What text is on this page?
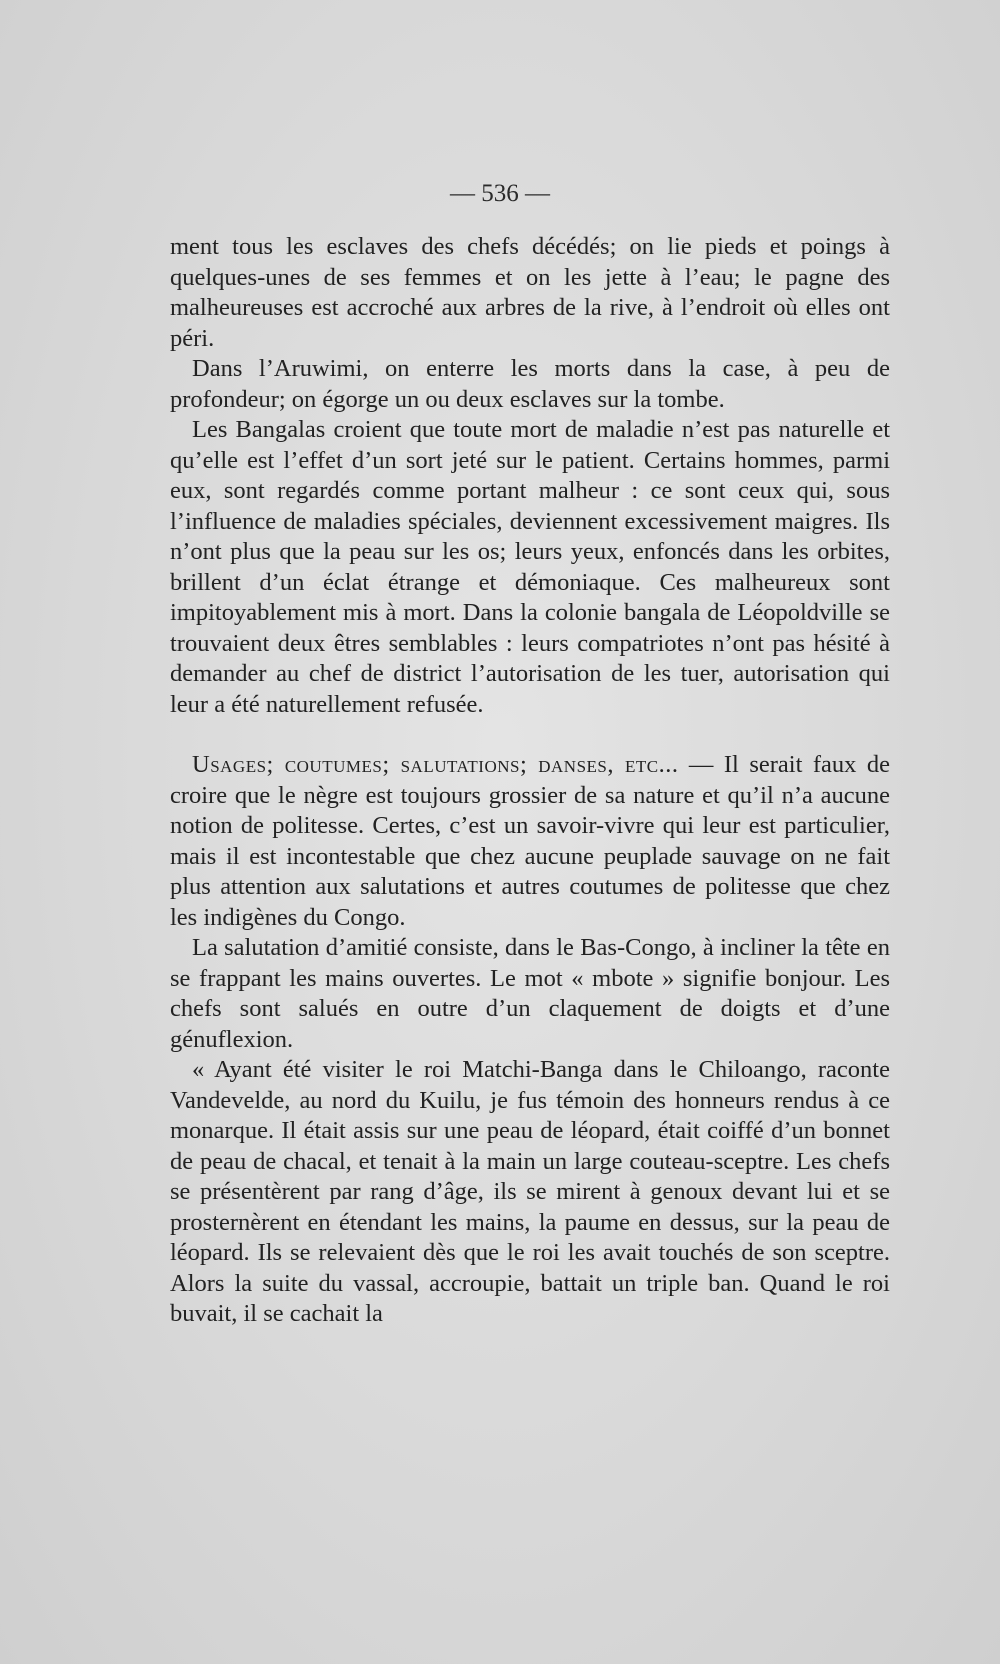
— 536 —

ment tous les esclaves des chefs décédés; on lie pieds et poings à quelques-unes de ses femmes et on les jette à l’eau; le pagne des malheureuses est accroché aux arbres de la rive, à l’endroit où elles ont péri.

Dans l’Aruwimi, on enterre les morts dans la case, à peu de profondeur; on égorge un ou deux esclaves sur la tombe.

Les Bangalas croient que toute mort de maladie n’est pas naturelle et qu’elle est l’effet d’un sort jeté sur le patient. Certains hommes, parmi eux, sont regardés comme portant malheur : ce sont ceux qui, sous l’influence de maladies spéciales, deviennent excessivement maigres. Ils n’ont plus que la peau sur les os; leurs yeux, enfoncés dans les orbites, brillent d’un éclat étrange et démoniaque. Ces malheureux sont impitoyablement mis à mort. Dans la colonie bangala de Léopoldville se trouvaient deux êtres semblables : leurs compatriotes n’ont pas hésité à demander au chef de district l’autorisation de les tuer, autorisation qui leur a été naturellement refusée.

Usages; coutumes; salutations; danses, etc... — Il serait faux de croire que le nègre est toujours grossier de sa nature et qu’il n’a aucune notion de politesse. Certes, c’est un savoir-vivre qui leur est particulier, mais il est incontestable que chez aucune peuplade sauvage on ne fait plus attention aux salutations et autres coutumes de politesse que chez les indigènes du Congo.

La salutation d’amitié consiste, dans le Bas-Congo, à incliner la tête en se frappant les mains ouvertes. Le mot « mbote » signifie bonjour. Les chefs sont salués en outre d’un claquement de doigts et d’une génuflexion.

« Ayant été visiter le roi Matchi-Banga dans le Chiloango, raconte Vandevelde, au nord du Kuilu, je fus témoin des honneurs rendus à ce monarque. Il était assis sur une peau de léopard, était coiffé d’un bonnet de peau de chacal, et tenait à la main un large couteau-sceptre. Les chefs se présentèrent par rang d’âge, ils se mirent à genoux devant lui et se prosternèrent en étendant les mains, la paume en dessus, sur la peau de léopard. Ils se relevaient dès que le roi les avait touchés de son sceptre. Alors la suite du vassal, accroupie, battait un triple ban. Quand le roi buvait, il se cachait la
